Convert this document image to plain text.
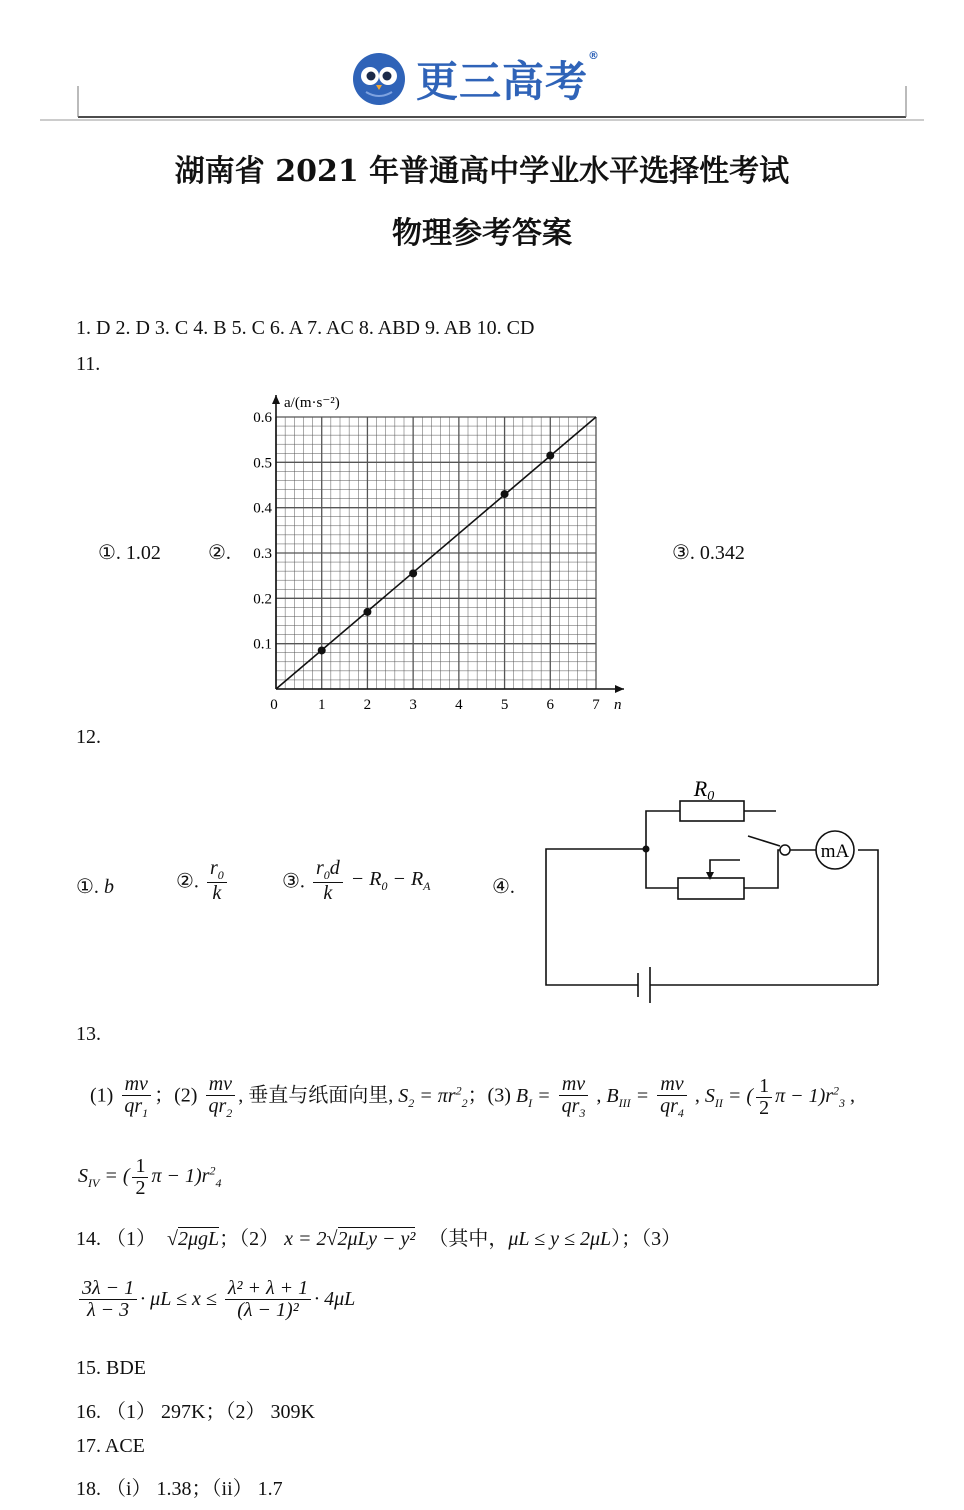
更三高考®
湖南省 2021 年普通高中学业水平选择性考试
物理参考答案
1. D 2. D 3. C 4. B 5. C 6. A 7. AC 8. ABD 9. AB 10. CD
11.
①. 1.02 ②.	③. 0.342
0	1	2	3	4	5	6	7
0.1
0.2
0.3
0.4
0.5
0.6
n
a/(m·s⁻²)
12.
①. b	②. $\frac{r_0}{k}$	③. $\frac{r_0d}{k} - R_0 - R_A$	④.
R0
mA
13.
$(1) \frac{mv}{qr_1}$ ；$(2) \frac{mv}{qr_2}$ , 垂直与纸面向里, $S_2 = \pi r^2_2$；(3) $B_I = \frac{mv}{qr_3}$ , $B_{III} = \frac{mv}{qr_4}$ , $S_{II}$ = ( $\frac{1}{2}$ $\pi - 1)r^2_3$ ,
$S_{IV}$ = ( $\frac{1}{2}$ $\pi - 1)r^2_4$
14. （1） √2μgL；（2） x = 2√2μLy − y² （其中，μL ≤ y ≤ 2μL）；（3）
$\frac{3\lambda - 1}{\lambda - 3} \cdot \mu L \le x \le \frac{\text{λ² + λ + 1}}{\text{(λ − 1)²}} \cdot 4\mu L$
15. BDE
16. （1） 297K；（2） 309K
17. ACE
18. （i） 1.38；（ii） 1.7
